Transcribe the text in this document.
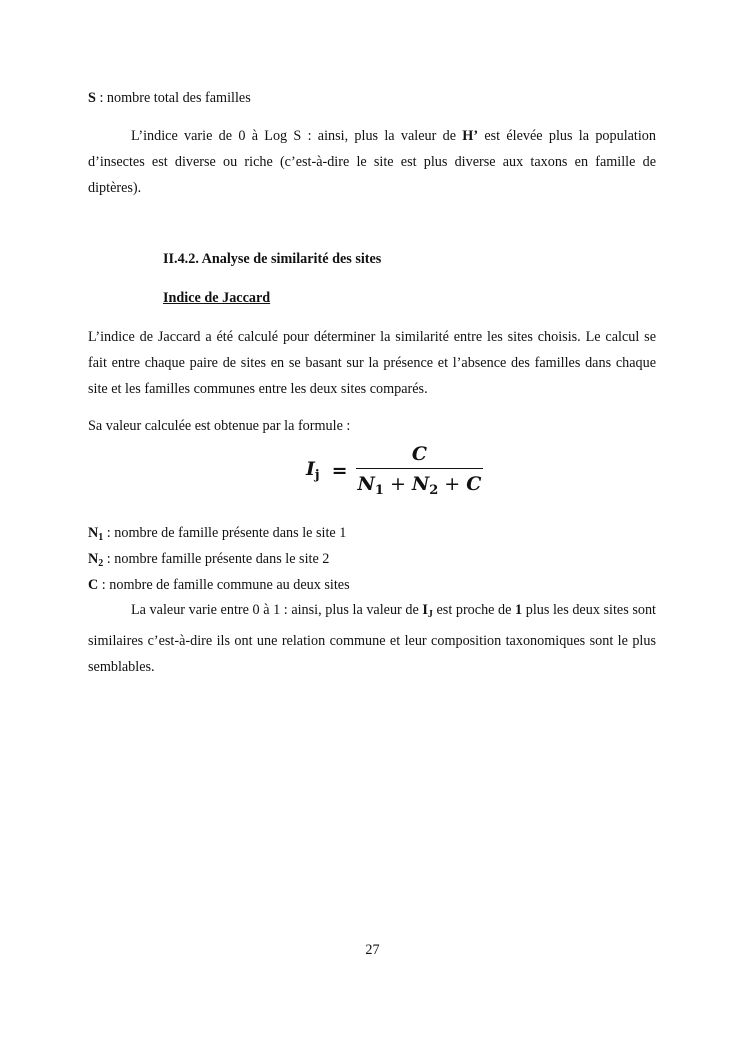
S : nombre total des familles

L’indice varie de 0 à Log S : ainsi, plus la valeur de H’ est élevée plus la population d’insectes est diverse ou riche (c’est-à-dire le site est plus diverse aux taxons en famille de diptères).

II.4.2. Analyse de similarité des sites

Indice de Jaccard

L’indice de Jaccard a été calculé pour déterminer la similarité entre les sites choisis. Le calcul se fait entre chaque paire de sites en se basant sur la présence et l’absence des familles dans chaque site et les familles communes entre les deux sites comparés.

Sa valeur calculée est obtenue par la formule :

$I_j = \frac{C}{N_1 + N_2 + C}$

$N_1$ : nombre de famille présente dans le site 1

$N_2$ : nombre famille présente dans le site 2

C : nombre de famille commune au deux sites

La valeur varie entre 0 à 1 : ainsi, plus la valeur de $I_J$ est proche de 1 plus les deux sites sont similaires c’est-à-dire ils ont une relation commune et leur composition taxonomiques sont le plus semblables.

27
